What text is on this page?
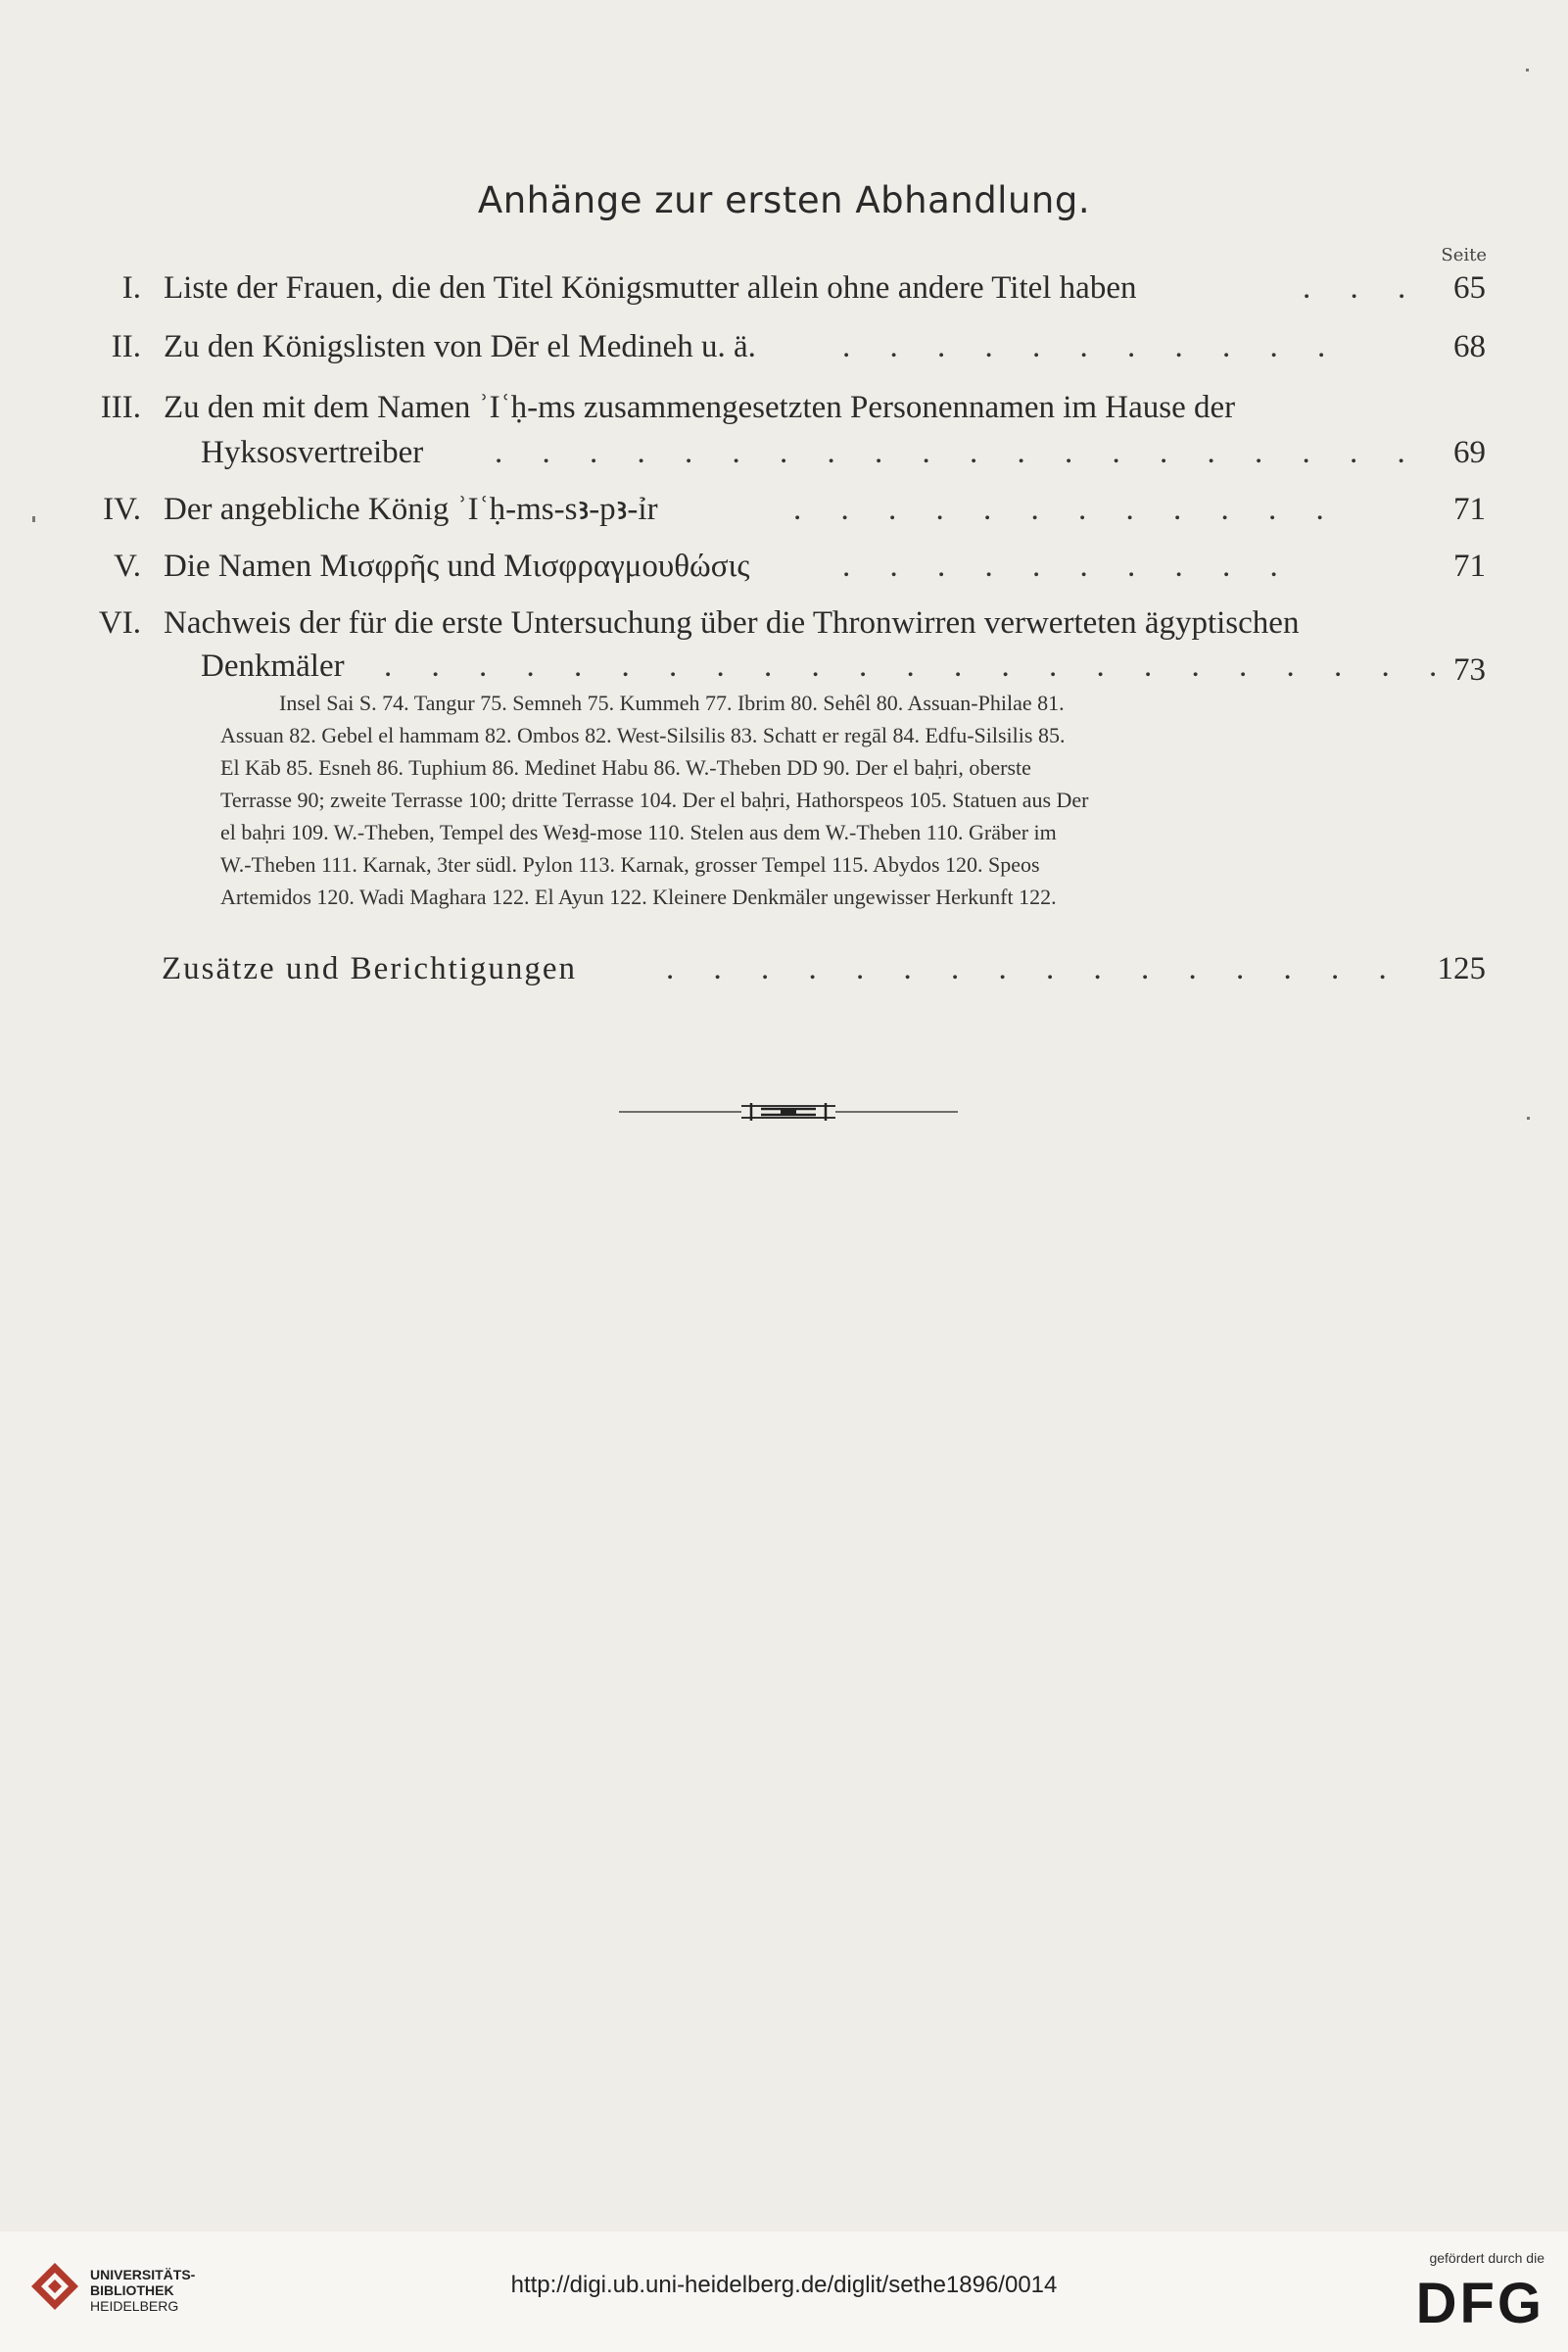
Anhänge zur ersten Abhandlung.
Seite
I. Liste der Frauen, die den Titel Königsmutter allein ohne andere Titel haben	. . . 65
II. Zu den Königslisten von Dēr el Medineh u. ä.	. . . . . . . . . . .	68
III. Zu den mit dem Namen ʾIʿḥ-ms zusammengesetzten Personennamen im Hause der
Hyksosvertreiber	. . . . . . . . . . . . . . . . . . . . 69
IV. Der angebliche König ʾIʿḥ-ms-sꜣ-pꜣ-ỉr	. . . . . . . . . . . .	71
V. Die Namen Μισφρῆς und Μισφραγμουθώσις	. . . . . . . . . .	71
VI. Nachweis der für die erste Untersuchung über die Thronwirren verwerteten ägyptischen
Denkmäler	. . . . . . . . . . . . . . . . . . . . . . . 73
Insel Sai S. 74. Tangur 75. Semneh 75. Kummeh 77. Ibrim 80. Sehêl 80. Assuan-Philae 81.
Assuan 82. Gebel el hammam 82. Ombos 82. West-Silsilis 83. Schatt er regāl 84. Edfu-Silsilis 85.
El Kāb 85. Esneh 86. Tuphium 86. Medinet Habu 86. W.-Theben DD 90. Der el baḥri, oberste
Terrasse 90; zweite Terrasse 100; dritte Terrasse 104. Der el baḥri, Hathorspeos 105. Statuen aus Der
el baḥri 109. W.-Theben, Tempel des Weꜣḏ-mose 110. Stelen aus dem W.-Theben 110. Gräber im
W.-Theben 111. Karnak, 3ter südl. Pylon 113. Karnak, grosser Tempel 115. Abydos 120. Speos
Artemidos 120. Wadi Maghara 122. El Ayun 122. Kleinere Denkmäler ungewisser Herkunft 122.
Zusätze und Berichtigungen	. . . . . . . . . . . . . . . . 125
UNIVERSITÄTS-
BIBLIOTHEK
HEIDELBERG
http://digi.ub.uni-heidelberg.de/diglit/sethe1896/0014
gefördert durch die
DFG
